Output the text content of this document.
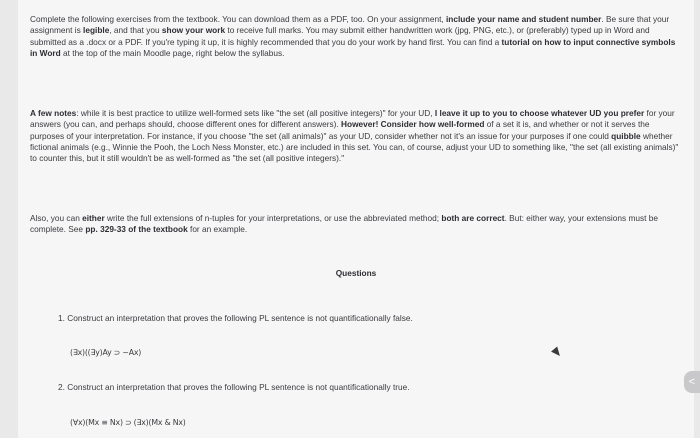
Complete the following exercises from the textbook. You can download them as a PDF, too. On your assignment, include your name and student number. Be sure that your assignment is legible, and that you show your work to receive full marks. You may submit either handwritten work (jpg, PNG, etc.), or (preferably) typed up in Word and submitted as a .docx or a PDF. If you're typing it up, it is highly recommended that you do your work by hand first. You can find a tutorial on how to input connective symbols in Word at the top of the main Moodle page, right below the syllabus.

A few notes: while it is best practice to utilize well-formed sets like "the set (all positive integers)" for your UD, I leave it up to you to choose whatever UD you prefer for your answers (you can, and perhaps should, choose different ones for different answers). However! Consider how well-formed of a set it is, and whether or not it serves the purposes of your interpretation. For instance, if you choose "the set (all animals)" as your UD, consider whether not it's an issue for your purposes if one could quibble whether fictional animals (e.g., Winnie the Pooh, the Loch Ness Monster, etc.) are included in this set. You can, of course, adjust your UD to something like, "the set (all existing animals)" to counter this, but it still wouldn't be as well-formed as "the set (all positive integers)."

Also, you can either write the full extensions of n-tuples for your interpretations, or use the abbreviated method; both are correct. But: either way, your extensions must be complete. See pp. 329-33 of the textbook for an example.

Questions

1. Construct an interpretation that proves the following PL sentence is not quantificationally false.

(∃x)((∃y)Ay ⊃ ~Ax)

2. Construct an interpretation that proves the following PL sentence is not quantificationally true.

(∀x)(Mx ≡ Nx) ⊃ (∃x)(Mx & Nx)

<
